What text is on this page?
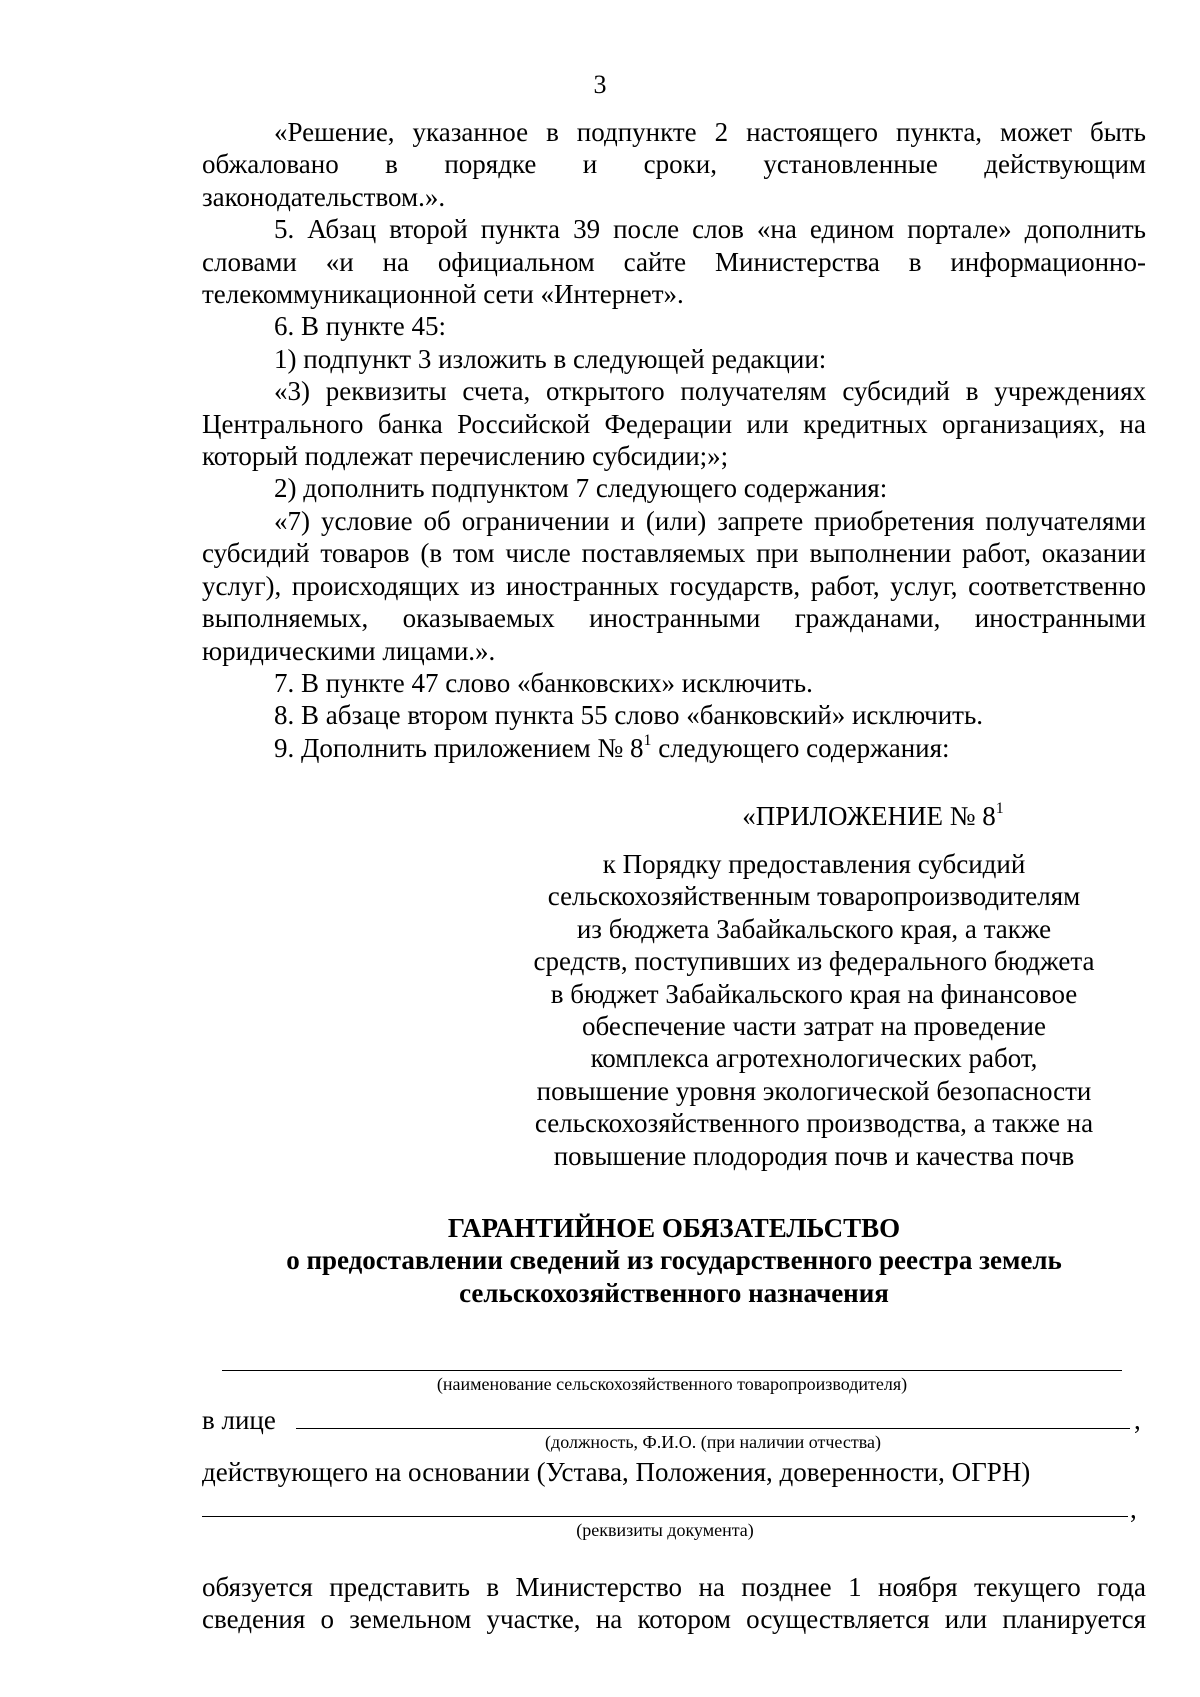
3

«Решение, указанное в подпункте 2 настоящего пункта, может быть обжаловано в порядке и сроки, установленные действующим законодательством.».

5. Абзац второй пункта 39 после слов «на едином портале» дополнить словами «и на официальном сайте Министерства в информационно-телекоммуникационной сети «Интернет».

6. В пункте 45:

1) подпункт 3 изложить в следующей редакции:

«3) реквизиты счета, открытого получателям субсидий в учреждениях Центрального банка Российской Федерации или кредитных организациях, на который подлежат перечислению субсидии;»;

2) дополнить подпунктом 7 следующего содержания:

«7) условие об ограничении и (или) запрете приобретения получателями субсидий товаров (в том числе поставляемых при выполнении работ, оказании услуг), происходящих из иностранных государств, работ, услуг, соответственно выполняемых, оказываемых иностранными гражданами, иностранными юридическими лицами.».

7. В пункте 47 слово «банковских» исключить.

8. В абзаце втором пункта 55 слово «банковский» исключить.

9. Дополнить приложением № $8^1$ следующего содержания:

«ПРИЛОЖЕНИЕ № $8^1$
к Порядку предоставления субсидий
сельскохозяйственным товаропроизводителям
из бюджета Забайкальского края, а также
средств, поступивших из федерального бюджета
в бюджет Забайкальского края на финансовое
обеспечение части затрат на проведение
комплекса агротехнологических работ,
повышение уровня экологической безопасности
сельскохозяйственного производства, а также на
повышение плодородия почв и качества почв
ГАРАНТИЙНОЕ ОБЯЗАТЕЛЬСТВО
о предоставлении сведений из государственного реестра земель
сельскохозяйственного назначения
(наименование сельскохозяйственного товаропроизводителя)
в лице	,
(должность, Ф.И.О. (при наличии отчества)
действующего на основании (Устава, Положения, доверенности, ОГРН)
,
(реквизиты документа)
обязуется представить в Министерство на позднее 1 ноября текущего года
сведения о земельном участке, на котором осуществляется или планируется
